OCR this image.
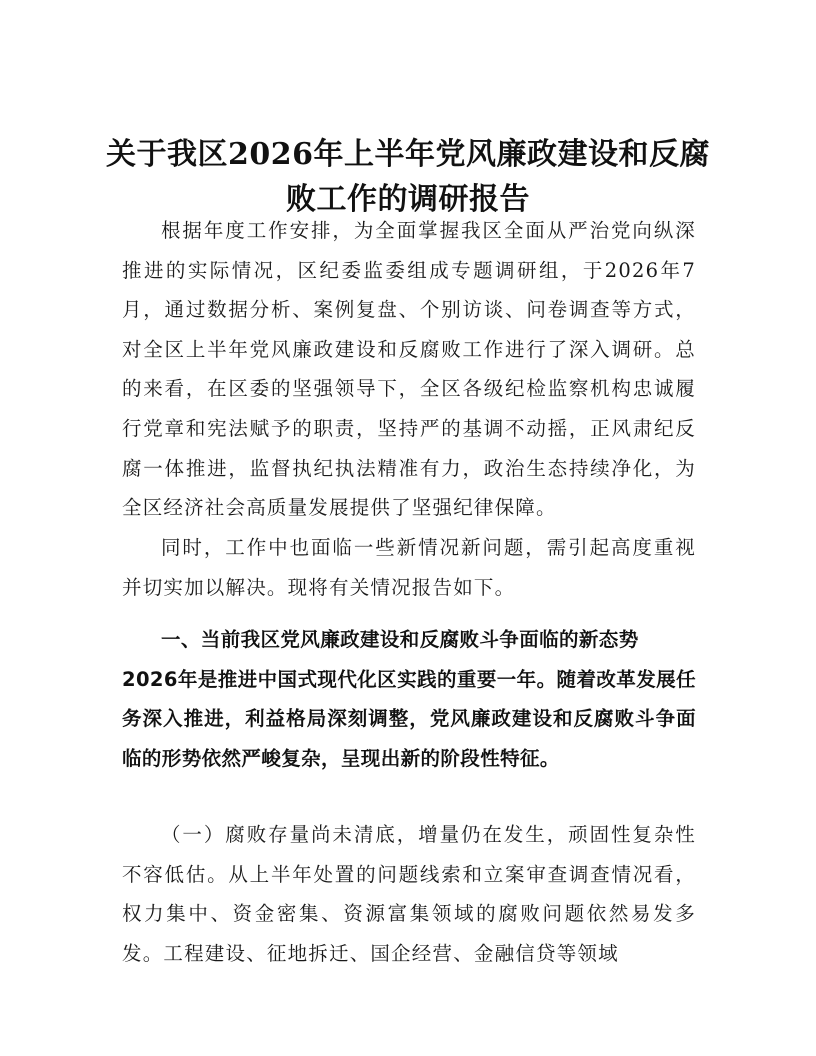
关于我区2026年上半年党风廉政建设和反腐败工作的调研报告

根据年度工作安排，为全面掌握我区全面从严治党向纵深推进的实际情况，区纪委监委组成专题调研组，于2026年7月，通过数据分析、案例复盘、个别访谈、问卷调查等方式，对全区上半年党风廉政建设和反腐败工作进行了深入调研。总的来看，在区委的坚强领导下，全区各级纪检监察机构忠诚履行党章和宪法赋予的职责，坚持严的基调不动摇，正风肃纪反腐一体推进，监督执纪执法精准有力，政治生态持续净化，为全区经济社会高质量发展提供了坚强纪律保障。

同时，工作中也面临一些新情况新问题，需引起高度重视并切实加以解决。现将有关情况报告如下。

一、当前我区党风廉政建设和反腐败斗争面临的新态势
2026年是推进中国式现代化区实践的重要一年。随着改革发展任务深入推进，利益格局深刻调整，党风廉政建设和反腐败斗争面临的形势依然严峻复杂，呈现出新的阶段性特征。

（一）腐败存量尚未清底，增量仍在发生，顽固性复杂性不容低估。从上半年处置的问题线索和立案审查调查情况看，权力集中、资金密集、资源富集领域的腐败问题依然易发多发。工程建设、征地拆迁、国企经营、金融信贷等领域
